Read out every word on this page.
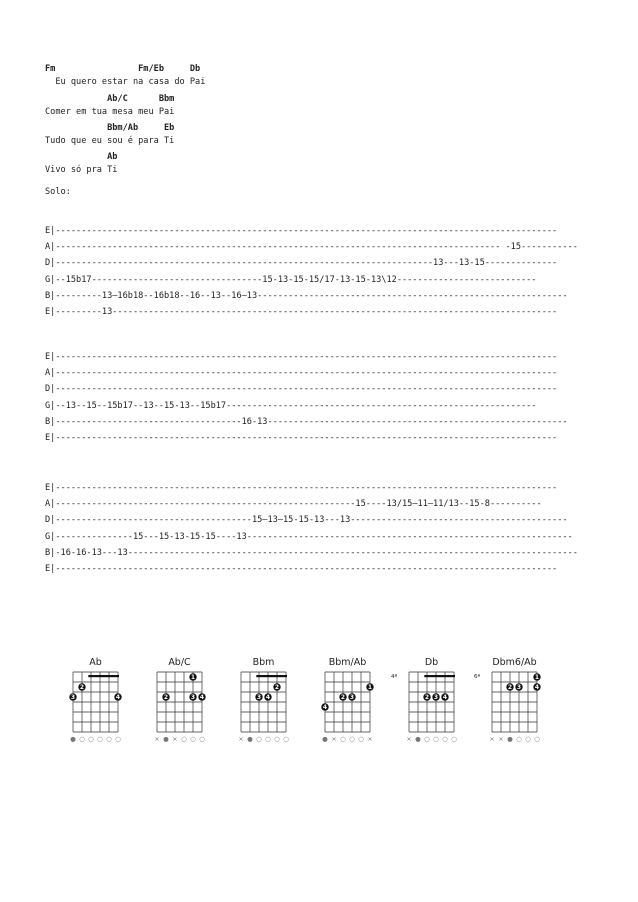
Fm                Fm/Eb     Db
Eu quero estar na casa do Pai
Ab/C      Bbm
Comer em tua mesa meu Pai
Bbm/Ab     Eb
Tudo que eu sou é para Ti
Ab
Vivo só pra Ti
Solo:
E|-------------------------------------------------------------------------------------------------
A|-------------------------------------------------------------------------------------- -15-----------
D|-------------------------------------------------------------------------13---13-15--------------
G|--15b17---------------------------------15-13-15-15/17-13-15-13\12---------------------------
B|---------13—16b18--16b18--16--13--16—13------------------------------------------------------------
E|---------13--------------------------------------------------------------------------------------
E|-------------------------------------------------------------------------------------------------
A|-------------------------------------------------------------------------------------------------
D|-------------------------------------------------------------------------------------------------
G|--13--15--15b17--13--15-13--15b17------------------------------------------------------------
B|------------------------------------16-13----------------------------------------------------------
E|-------------------------------------------------------------------------------------------------
E|-------------------------------------------------------------------------------------------------
A|----------------------------------------------------------15----13/15—11—11/13--15-8----------
D|--------------------------------------15—13—15-15-13---13------------------------------------------
G|---------------15---15-13-15-15----13---------------------------------------------------------------
B|-16-16-13---13---------------------------------------------------------------------------------------
E|-------------------------------------------------------------------------------------------------
Ab
3
2
4
● ○ ○ ○ ○ ○
Ab/C
1
2	3 4
× ● × ○ ○ ○
Bbm
2
3 4
× ● ○ ○ ○ ○
Bbm/Ab
1
2 3
4
● × ○ ○ ○ ×
Db
4ª
2 3 4
× ● ○ ○ ○ ○
Dbm6/Ab
6ª	1
2 3 4
× × ● ○ ○ ○
